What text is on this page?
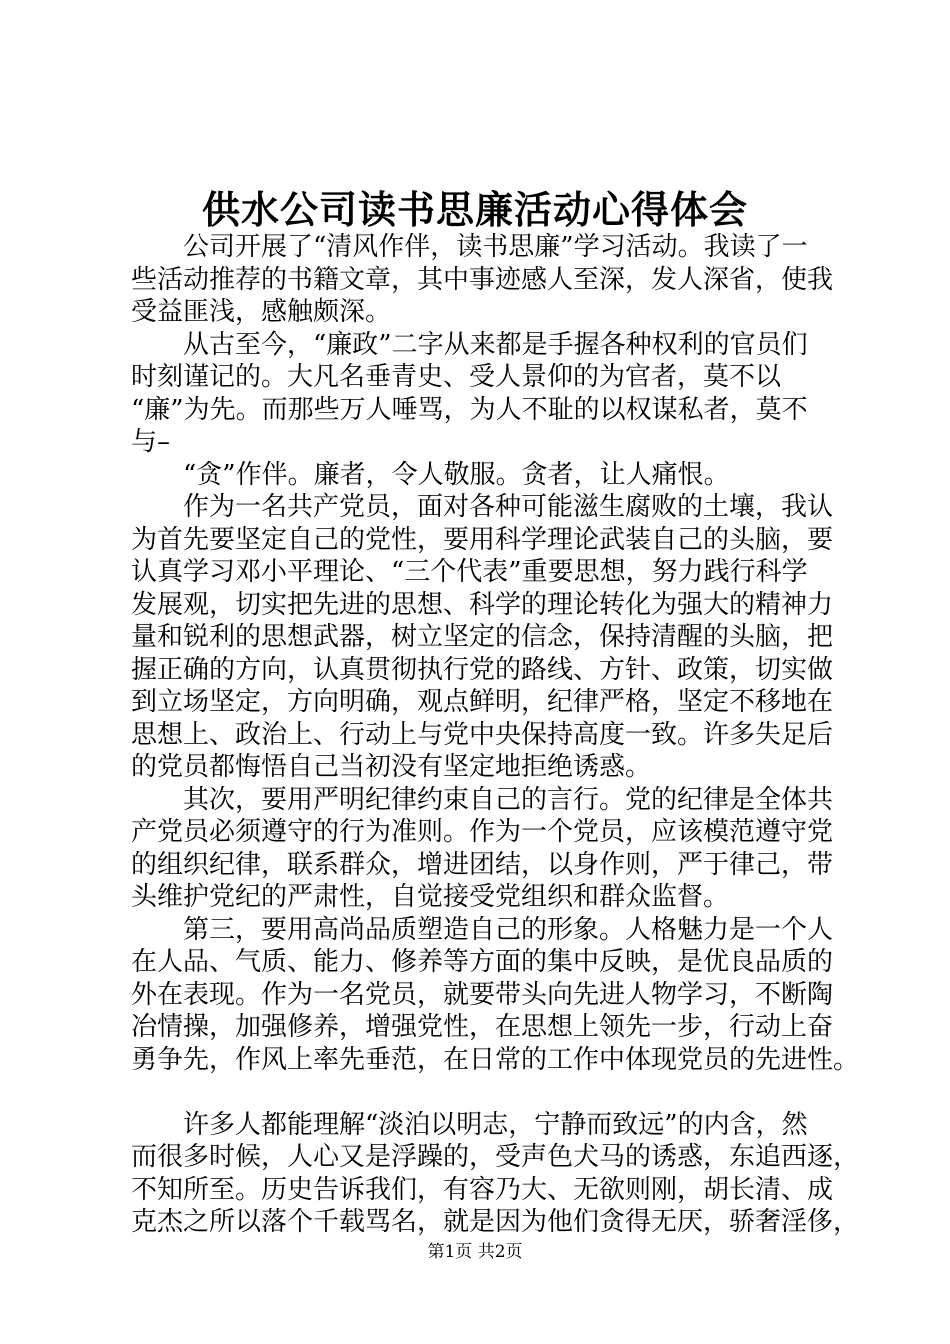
供水公司读书思廉活动心得体会
公司开展了“清风作伴，读书思廉”学习活动。我读了一
些活动推荐的书籍文章，其中事迹感人至深，发人深省，使我
受益匪浅，感触颇深。
从古至今，“廉政”二字从来都是手握各种权利的官员们
时刻谨记的。大凡名垂青史、受人景仰的为官者，莫不以
“廉”为先。而那些万人唾骂，为人不耻的以权谋私者，莫不
与–
“贪”作伴。廉者，令人敬服。贪者，让人痛恨。
作为一名共产党员，面对各种可能滋生腐败的土壤，我认
为首先要坚定自己的党性，要用科学理论武装自己的头脑，要
认真学习邓小平理论、“三个代表”重要思想，努力践行科学
发展观，切实把先进的思想、科学的理论转化为强大的精神力
量和锐利的思想武器，树立坚定的信念，保持清醒的头脑，把
握正确的方向，认真贯彻执行党的路线、方针、政策，切实做
到立场坚定，方向明确，观点鲜明，纪律严格，坚定不移地在
思想上、政治上、行动上与党中央保持高度一致。许多失足后
的党员都悔悟自己当初没有坚定地拒绝诱惑。
其次，要用严明纪律约束自己的言行。党的纪律是全体共
产党员必须遵守的行为准则。作为一个党员，应该模范遵守党
的组织纪律，联系群众，增进团结，以身作则，严于律己，带
头维护党纪的严肃性，自觉接受党组织和群众监督。
第三，要用高尚品质塑造自己的形象。人格魅力是一个人
在人品、气质、能力、修养等方面的集中反映，是优良品质的
外在表现。作为一名党员，就要带头向先进人物学习，不断陶
冶情操，加强修养，增强党性，在思想上领先一步，行动上奋
勇争先，作风上率先垂范，在日常的工作中体现党员的先进性。
许多人都能理解“淡泊以明志，宁静而致远”的内含，然
而很多时候，人心又是浮躁的，受声色犬马的诱惑，东追西逐，
不知所至。历史告诉我们，有容乃大、无欲则刚，胡长清、成
克杰之所以落个千载骂名，就是因为他们贪得无厌，骄奢淫侈，
第1页 共2页
